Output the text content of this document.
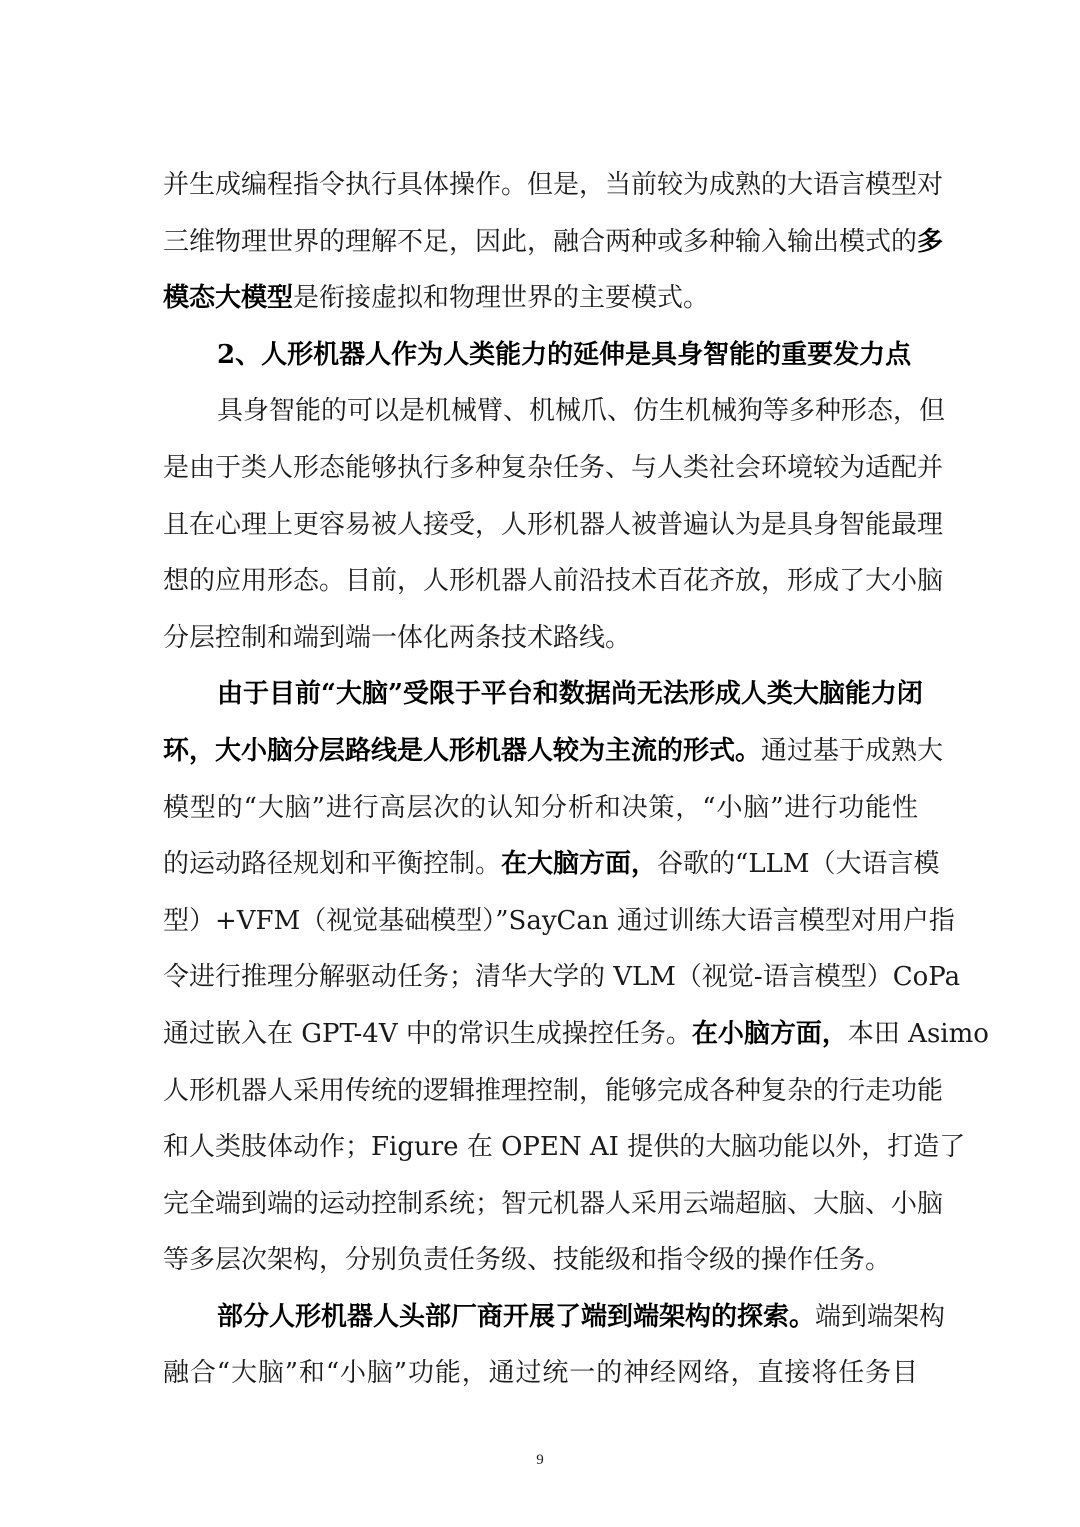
并生成编程指令执行具体操作。但是，当前较为成熟的大语言模型对
三维物理世界的理解不足，因此，融合两种或多种输入输出模式的多
模态大模型是衔接虚拟和物理世界的主要模式。
2、人形机器人作为人类能力的延伸是具身智能的重要发力点
具身智能的可以是机械臂、机械爪、仿生机械狗等多种形态，但
是由于类人形态能够执行多种复杂任务、与人类社会环境较为适配并
且在心理上更容易被人接受，人形机器人被普遍认为是具身智能最理
想的应用形态。目前，人形机器人前沿技术百花齐放，形成了大小脑
分层控制和端到端一体化两条技术路线。
由于目前“大脑”受限于平台和数据尚无法形成人类大脑能力闭
环，大小脑分层路线是人形机器人较为主流的形式。通过基于成熟大
模型的“大脑”进行高层次的认知分析和决策，“小脑”进行功能性
的运动路径规划和平衡控制。在大脑方面，谷歌的“LLM（大语言模
型）+VFM（视觉基础模型）”SayCan 通过训练大语言模型对用户指
令进行推理分解驱动任务；清华大学的 VLM（视觉-语言模型）CoPa
通过嵌入在 GPT-4V 中的常识生成操控任务。在小脑方面，本田 Asimo
人形机器人采用传统的逻辑推理控制，能够完成各种复杂的行走功能
和人类肢体动作；Figure 在 OPEN AI 提供的大脑功能以外，打造了
完全端到端的运动控制系统；智元机器人采用云端超脑、大脑、小脑
等多层次架构，分别负责任务级、技能级和指令级的操作任务。
部分人形机器人头部厂商开展了端到端架构的探索。端到端架构
融合“大脑”和“小脑”功能，通过统一的神经网络，直接将任务目
9
